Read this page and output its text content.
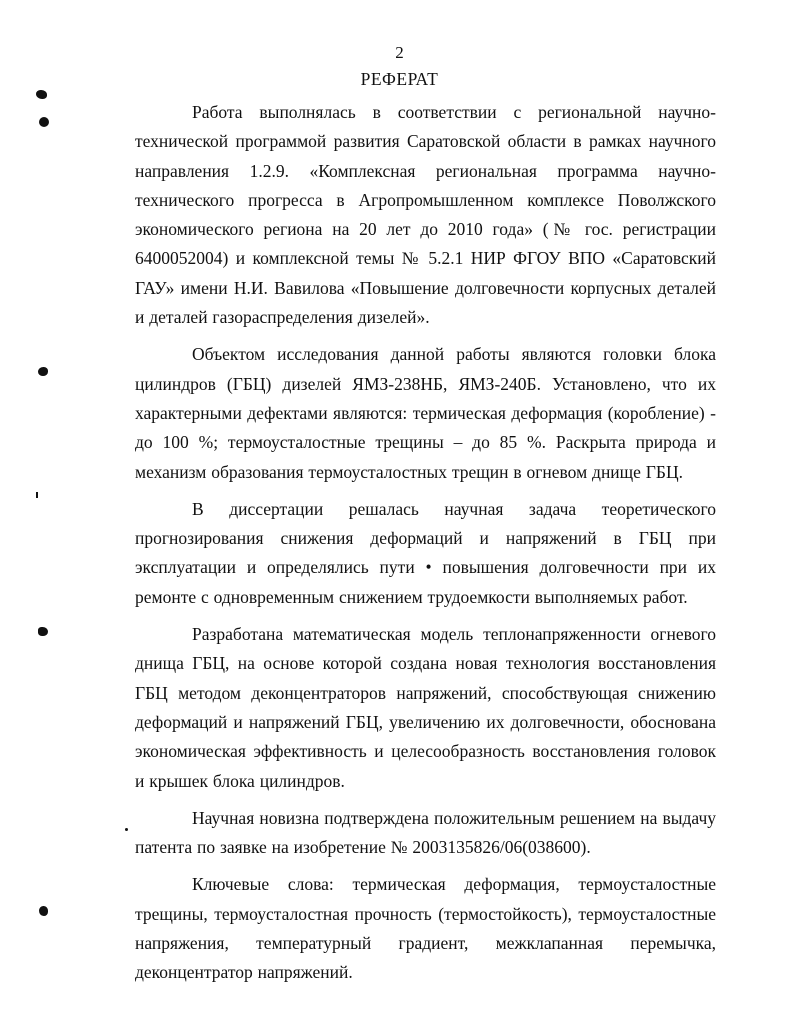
2
РЕФЕРАТ

Работа выполнялась в соответствии с региональной научно-технической программой развития Саратовской области в рамках научного направления 1.2.9. «Комплексная региональная программа научно-технического прогресса в Агропромышленном комплексе Поволжского экономического региона на 20 лет до 2010 года» (№ гос. регистрации 6400052004) и комплексной темы № 5.2.1 НИР ФГОУ ВПО «Саратовский ГАУ» имени Н.И. Вавилова «Повышение долговечности корпусных деталей и деталей газораспределения дизелей».

Объектом исследования данной работы являются головки блока цилиндров (ГБЦ) дизелей ЯМЗ-238НБ, ЯМЗ-240Б. Установлено, что их характерными дефектами являются: термическая деформация (коробление) - до 100 %; термоусталостные трещины – до 85 %. Раскрыта природа и механизм образования термоусталостных трещин в огневом днище ГБЦ.

В диссертации решалась научная задача теоретического прогнозирования снижения деформаций и напряжений в ГБЦ при эксплуатации и определялись пути • повышения долговечности при их ремонте с одновременным снижением трудоемкости выполняемых работ.

Разработана математическая модель теплонапряженности огневого днища ГБЦ, на основе которой создана новая технология восстановления ГБЦ методом деконцентраторов напряжений, способствующая снижению деформаций и напряжений ГБЦ, увеличению их долговечности, обоснована экономическая эффективность и целесообразность восстановления головок и крышек блока цилиндров.

Научная новизна подтверждена положительным решением на выдачу патента по заявке на изобретение № 2003135826/06(038600).

Ключевые слова: термическая деформация, термоусталостные трещины, термоусталостная прочность (термостойкость), термоусталостные напряжения, температурный градиент, межклапанная перемычка, деконцентратор напряжений.
